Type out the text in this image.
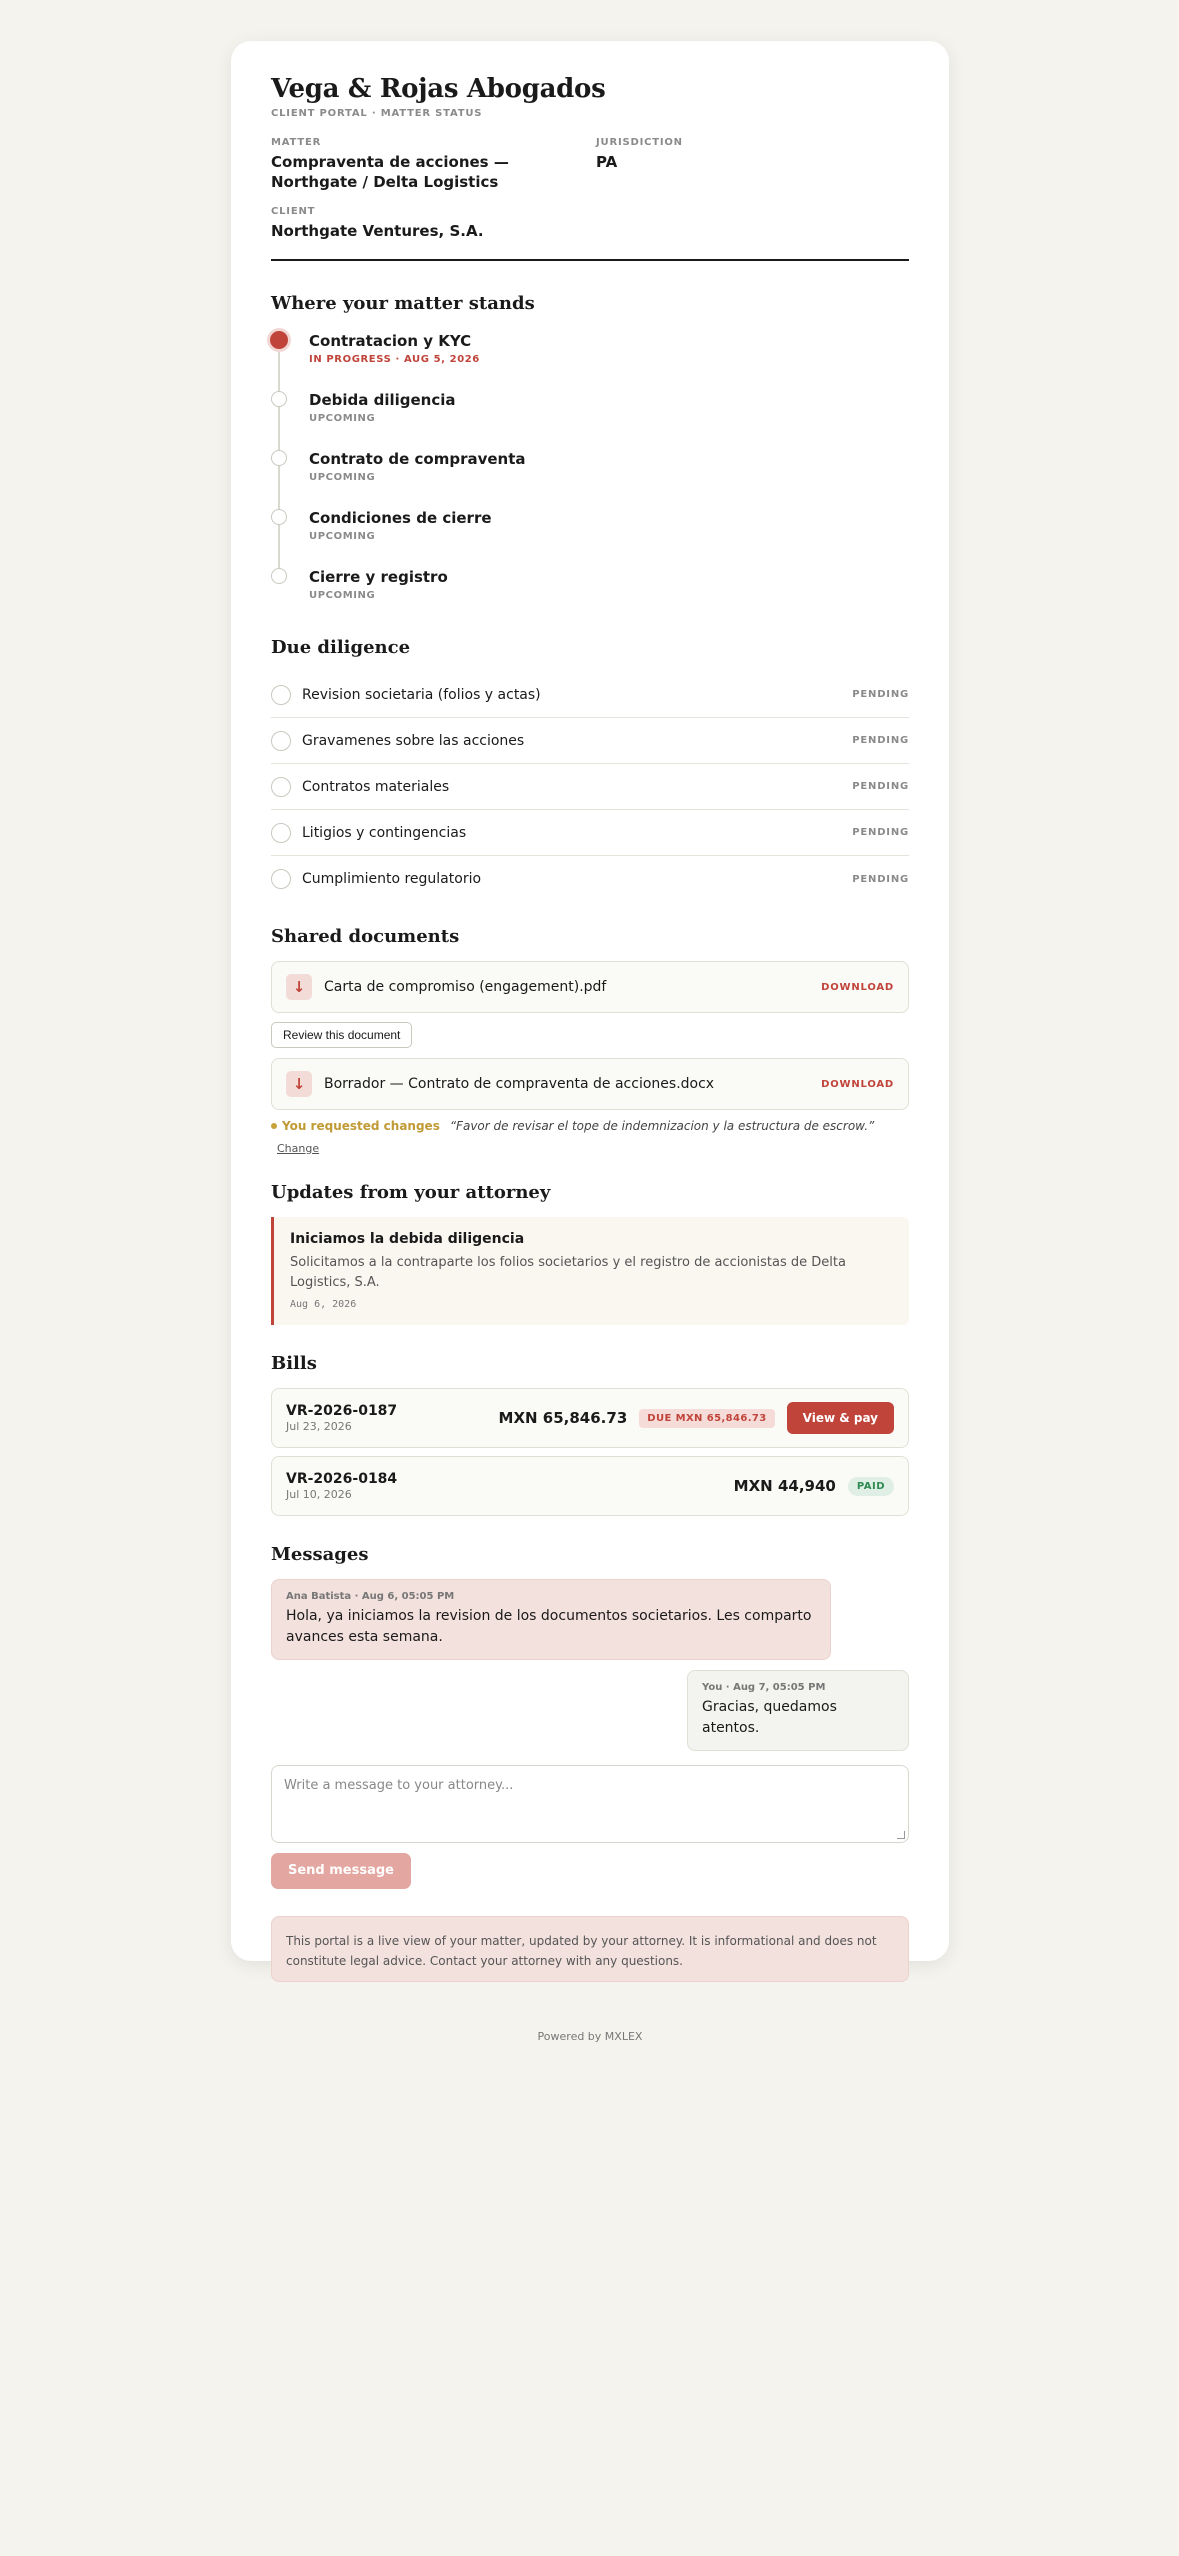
Vega & Rojas Abogados
CLIENT PORTAL · MATTER STATUS
MATTER
Compraventa de acciones — Northgate / Delta Logistics
JURISDICTION
PA
CLIENT
Northgate Ventures, S.A.
Where your matter stands
Contratacion y KYC
IN PROGRESS · AUG 5, 2026
Debida diligencia
UPCOMING
Contrato de compraventa
UPCOMING
Condiciones de cierre
UPCOMING
Cierre y registro
UPCOMING
Due diligence
Revision societaria (folios y actas)	PENDING
Gravamenes sobre las acciones	PENDING
Contratos materiales	PENDING
Litigios y contingencias	PENDING
Cumplimiento regulatorio	PENDING
Shared documents
↓	Carta de compromiso (engagement).pdf	DOWNLOAD
Review this document
↓	Borrador — Contrato de compraventa de acciones.docx	DOWNLOAD
You requested changes “Favor de revisar el tope de indemnizacion y la estructura de escrow.”
Change
Updates from your attorney
Iniciamos la debida diligencia
Solicitamos a la contraparte los folios societarios y el registro de accionistas de Delta Logistics, S.A.
Aug 6, 2026
Bills
VR-2026-0187
Jul 23, 2026	MXN 65,846.73	DUE MXN 65,846.73	View & pay
VR-2026-0184
Jul 10, 2026	MXN 44,940	PAID
Messages
Ana Batista · Aug 6, 05:05 PM
Hola, ya iniciamos la revision de los documentos societarios. Les comparto avances esta semana.
You · Aug 7, 05:05 PM
Gracias, quedamos atentos.
Write a message to your attorney...
Send message
This portal is a live view of your matter, updated by your attorney. It is informational and does not constitute legal advice. Contact your attorney with any questions.
Powered by MXLEX
